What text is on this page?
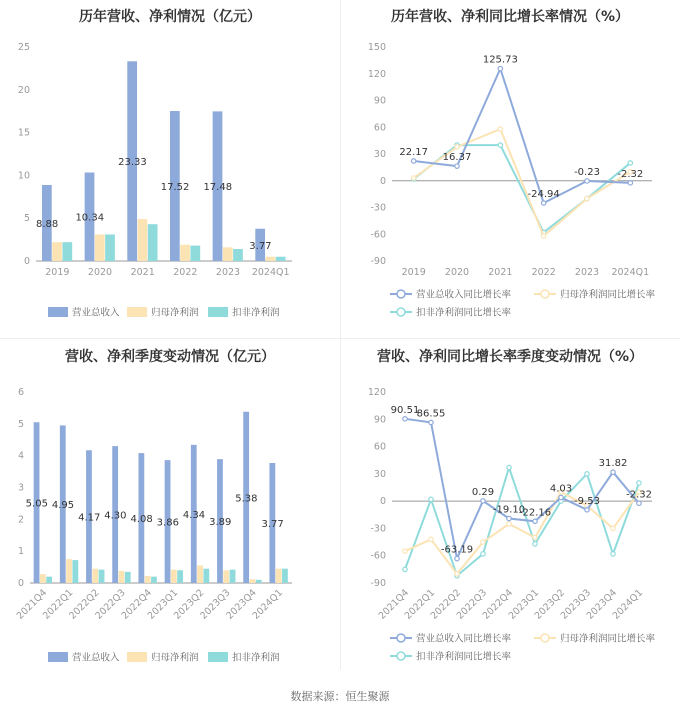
历年营收、净利情况（亿元）
0
5
10
15
20
25
2019 2020 2021 2022 2023 2024Q1
8.88
10.34
23.33
17.52 17.48
3.77
营业总收入	归母净利润	扣非净利润
历年营收、净利同比增长率情况（%）
-90
-60
-30
0
30
60
90
120
150
2019 2020 2021 2022 2023 2024Q1
22.17 16.37
125.73
-24.94
-0.23 -2.32
营业总收入同比增长率	归母净利润同比增长率
扣非净利润同比增长率
营收、净利季度变动情况（亿元）
0
1
2
3
4
5
6
2021Q4
2022Q1
2022Q2
2022Q3
2022Q4
2023Q1
2023Q2
2023Q3
2023Q4
2024Q1
5.05 4.95
4.17 4.30 4.08 3.86
4.34
3.89
5.38
3.77
营业总收入	归母净利润	扣非净利润
营收、净利同比增长率季度变动情况（%）
-90
-60
-30
0
30
60
90
120
2021Q4
2022Q1
2022Q2
2022Q3
2022Q4
2023Q1
2023Q2
2023Q3
2023Q4
2024Q1
90.51
86.55
-63.19
0.29
-19.10
-22.16
4.03
-9.53
31.82
-2.32
营业总收入同比增长率	归母净利润同比增长率
扣非净利润同比增长率
数据来源：恒生聚源
